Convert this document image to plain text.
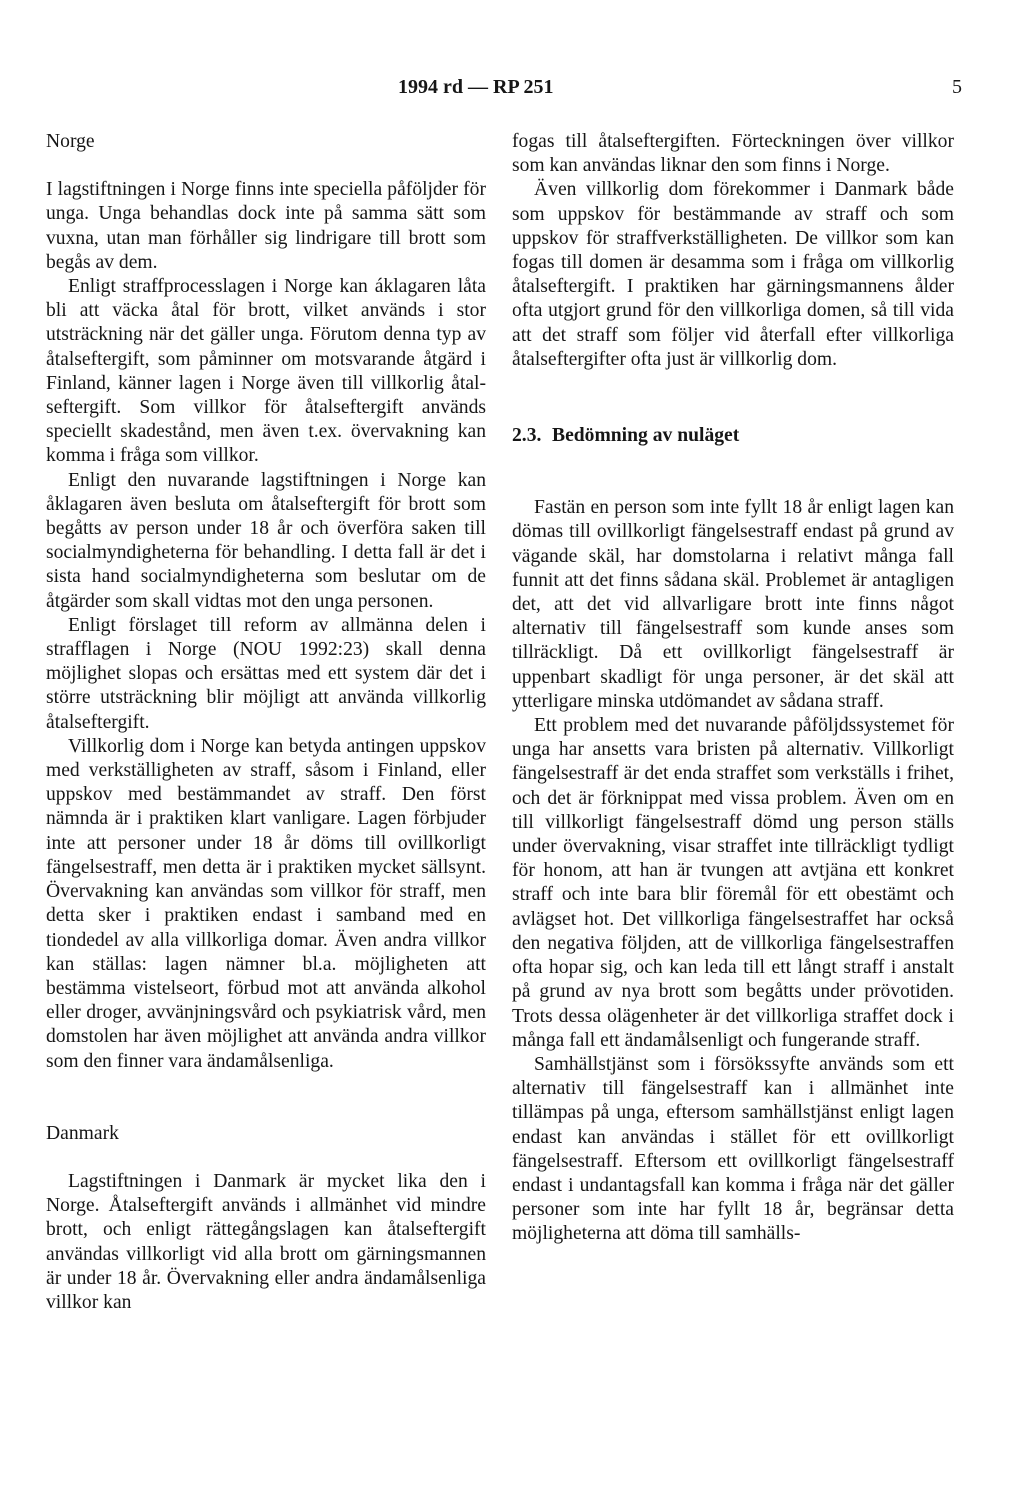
1994 rd — RP 251	5
Norge

I lagstiftningen i Norge finns inte speciella påföljder för unga. Unga behandlas dock inte på samma sätt som vuxna, utan man förhåller sig lindrigare till brott som begås av dem.

Enligt straffprocesslagen i Norge kan áklagaren låta bli att väcka åtal för brott, vilket används i stor utsträckning när det gäller unga. Förutom denna typ av åtalseftergift, som påminner om motsvarande åtgärd i Finland, känner lagen i Norge även till villkorlig åtalseftergift. Som villkor för åtalseftergift används speciellt skadestånd, men även t.ex. övervakning kan komma i fråga som villkor.

Enligt den nuvarande lagstiftningen i Norge kan åklagaren även besluta om åtalseftergift för brott som begåtts av person under 18 år och överföra saken till socialmyndigheterna för behandling. I detta fall är det i sista hand socialmyndigheterna som beslutar om de åtgärder som skall vidtas mot den unga personen.

Enligt förslaget till reform av allmänna delen i strafflagen i Norge (NOU 1992:23) skall denna möjlighet slopas och ersättas med ett system där det i större utsträckning blir möjligt att använda villkorlig åtalseftergift.

Villkorlig dom i Norge kan betyda antingen uppskov med verkställigheten av straff, såsom i Finland, eller uppskov med bestämmandet av straff. Den först nämnda är i praktiken klart vanligare. Lagen förbjuder inte att personer under 18 år döms till ovillkorligt fängelsestraff, men detta är i praktiken mycket sällsynt. Övervakning kan användas som villkor för straff, men detta sker i praktiken endast i samband med en tiondedel av alla villkorliga domar. Även andra villkor kan ställas: lagen nämner bl.a. möjligheten att bestämma vistelseort, förbud mot att använda alkohol eller droger, avvänjningsvård och psykiatrisk vård, men domstolen har även möjlighet att använda andra villkor som den finner vara ändamålsenliga.

Danmark

Lagstiftningen i Danmark är mycket lika den i Norge. Åtalseftergift används i allmänhet vid mindre brott, och enligt rättegångslagen kan åtalseftergift användas villkorligt vid alla brott om gärningsmannen är under 18 år. Övervakning eller andra ändamålsenliga villkor kan

fogas till åtalseftergiften. Förteckningen över villkor som kan användas liknar den som finns i Norge.

Även villkorlig dom förekommer i Danmark både som uppskov för bestämmande av straff och som uppskov för straffverkställigheten. De villkor som kan fogas till domen är desamma som i fråga om villkorlig åtalseftergift. I praktiken har gärningsmannens ålder ofta utgjort grund för den villkorliga domen, så till vida att det straff som följer vid återfall efter villkorliga åtalseftergifter ofta just är villkorlig dom.

2.3. Bedömning av nuläget

Fastän en person som inte fyllt 18 år enligt lagen kan dömas till ovillkorligt fängelsestraff endast på grund av vägande skäl, har domstolarna i relativt många fall funnit att det finns sådana skäl. Problemet är antagligen det, att det vid allvarligare brott inte finns något alternativ till fängelsestraff som kunde anses som tillräckligt. Då ett ovillkorligt fängelsestraff är uppenbart skadligt för unga personer, är det skäl att ytterligare minska utdömandet av sådana straff.

Ett problem med det nuvarande påföljdssystemet för unga har ansetts vara bristen på alternativ. Villkorligt fängelsestraff är det enda straffet som verkställs i frihet, och det är förknippat med vissa problem. Även om en till villkorligt fängelsestraff dömd ung person ställs under övervakning, visar straffet inte tillräckligt tydligt för honom, att han är tvungen att avtjäna ett konkret straff och inte bara blir föremål för ett obestämt och avlägset hot. Det villkorliga fängelsestraffet har också den negativa följden, att de villkorliga fängelsestraffen ofta hopar sig, och kan leda till ett långt straff i anstalt på grund av nya brott som begåtts under prövotiden. Trots dessa olägenheter är det villkorliga straffet dock i många fall ett ändamålsenligt och fungerande straff.

Samhällstjänst som i försökssyfte används som ett alternativ till fängelsestraff kan i allmänhet inte tillämpas på unga, eftersom samhällstjänst enligt lagen endast kan användas i stället för ett ovillkorligt fängelsestraff. Eftersom ett ovillkorligt fängelsestraff endast i undantagsfall kan komma i fråga när det gäller personer som inte har fyllt 18 år, begränsar detta möjligheterna att döma till samhälls-
